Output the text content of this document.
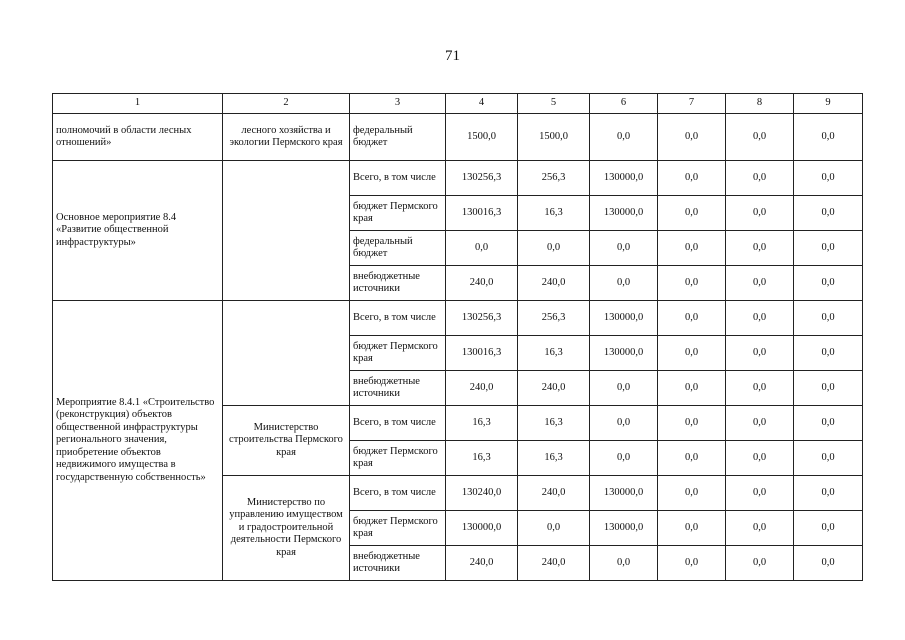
71
1	2	3	4	5	6	7	8	9
полномочий в области лесных отношений»	лесного хозяйства и экологии Пермского края	федеральный бюджет	1500,0	1500,0	0,0	0,0	0,0	0,0
Основное мероприятие 8.4 «Развитие общественной инфраструктуры»		Всего, в том числе	130256,3	256,3	130000,0	0,0	0,0	0,0
		бюджет Пермского края	130016,3	16,3	130000,0	0,0	0,0	0,0
		федеральный бюджет	0,0	0,0	0,0	0,0	0,0	0,0
		внебюджетные источники	240,0	240,0	0,0	0,0	0,0	0,0
Мероприятие 8.4.1 «Строительство (реконструкция) объектов общественной инфраструктуры регионального значения, приобретение объектов недвижимого имущества в государственную собственность»		Всего, в том числе	130256,3	256,3	130000,0	0,0	0,0	0,0
		бюджет Пермского края	130016,3	16,3	130000,0	0,0	0,0	0,0
		внебюджетные источники	240,0	240,0	0,0	0,0	0,0	0,0
	Министерство строительства Пермского края	Всего, в том числе	16,3	16,3	0,0	0,0	0,0	0,0
		бюджет Пермского края	16,3	16,3	0,0	0,0	0,0	0,0
	Министерство по управлению имуществом и градостроительной деятельности Пермского края	Всего, в том числе	130240,0	240,0	130000,0	0,0	0,0	0,0
		бюджет Пермского края	130000,0	0,0	130000,0	0,0	0,0	0,0
		внебюджетные источники	240,0	240,0	0,0	0,0	0,0	0,0
